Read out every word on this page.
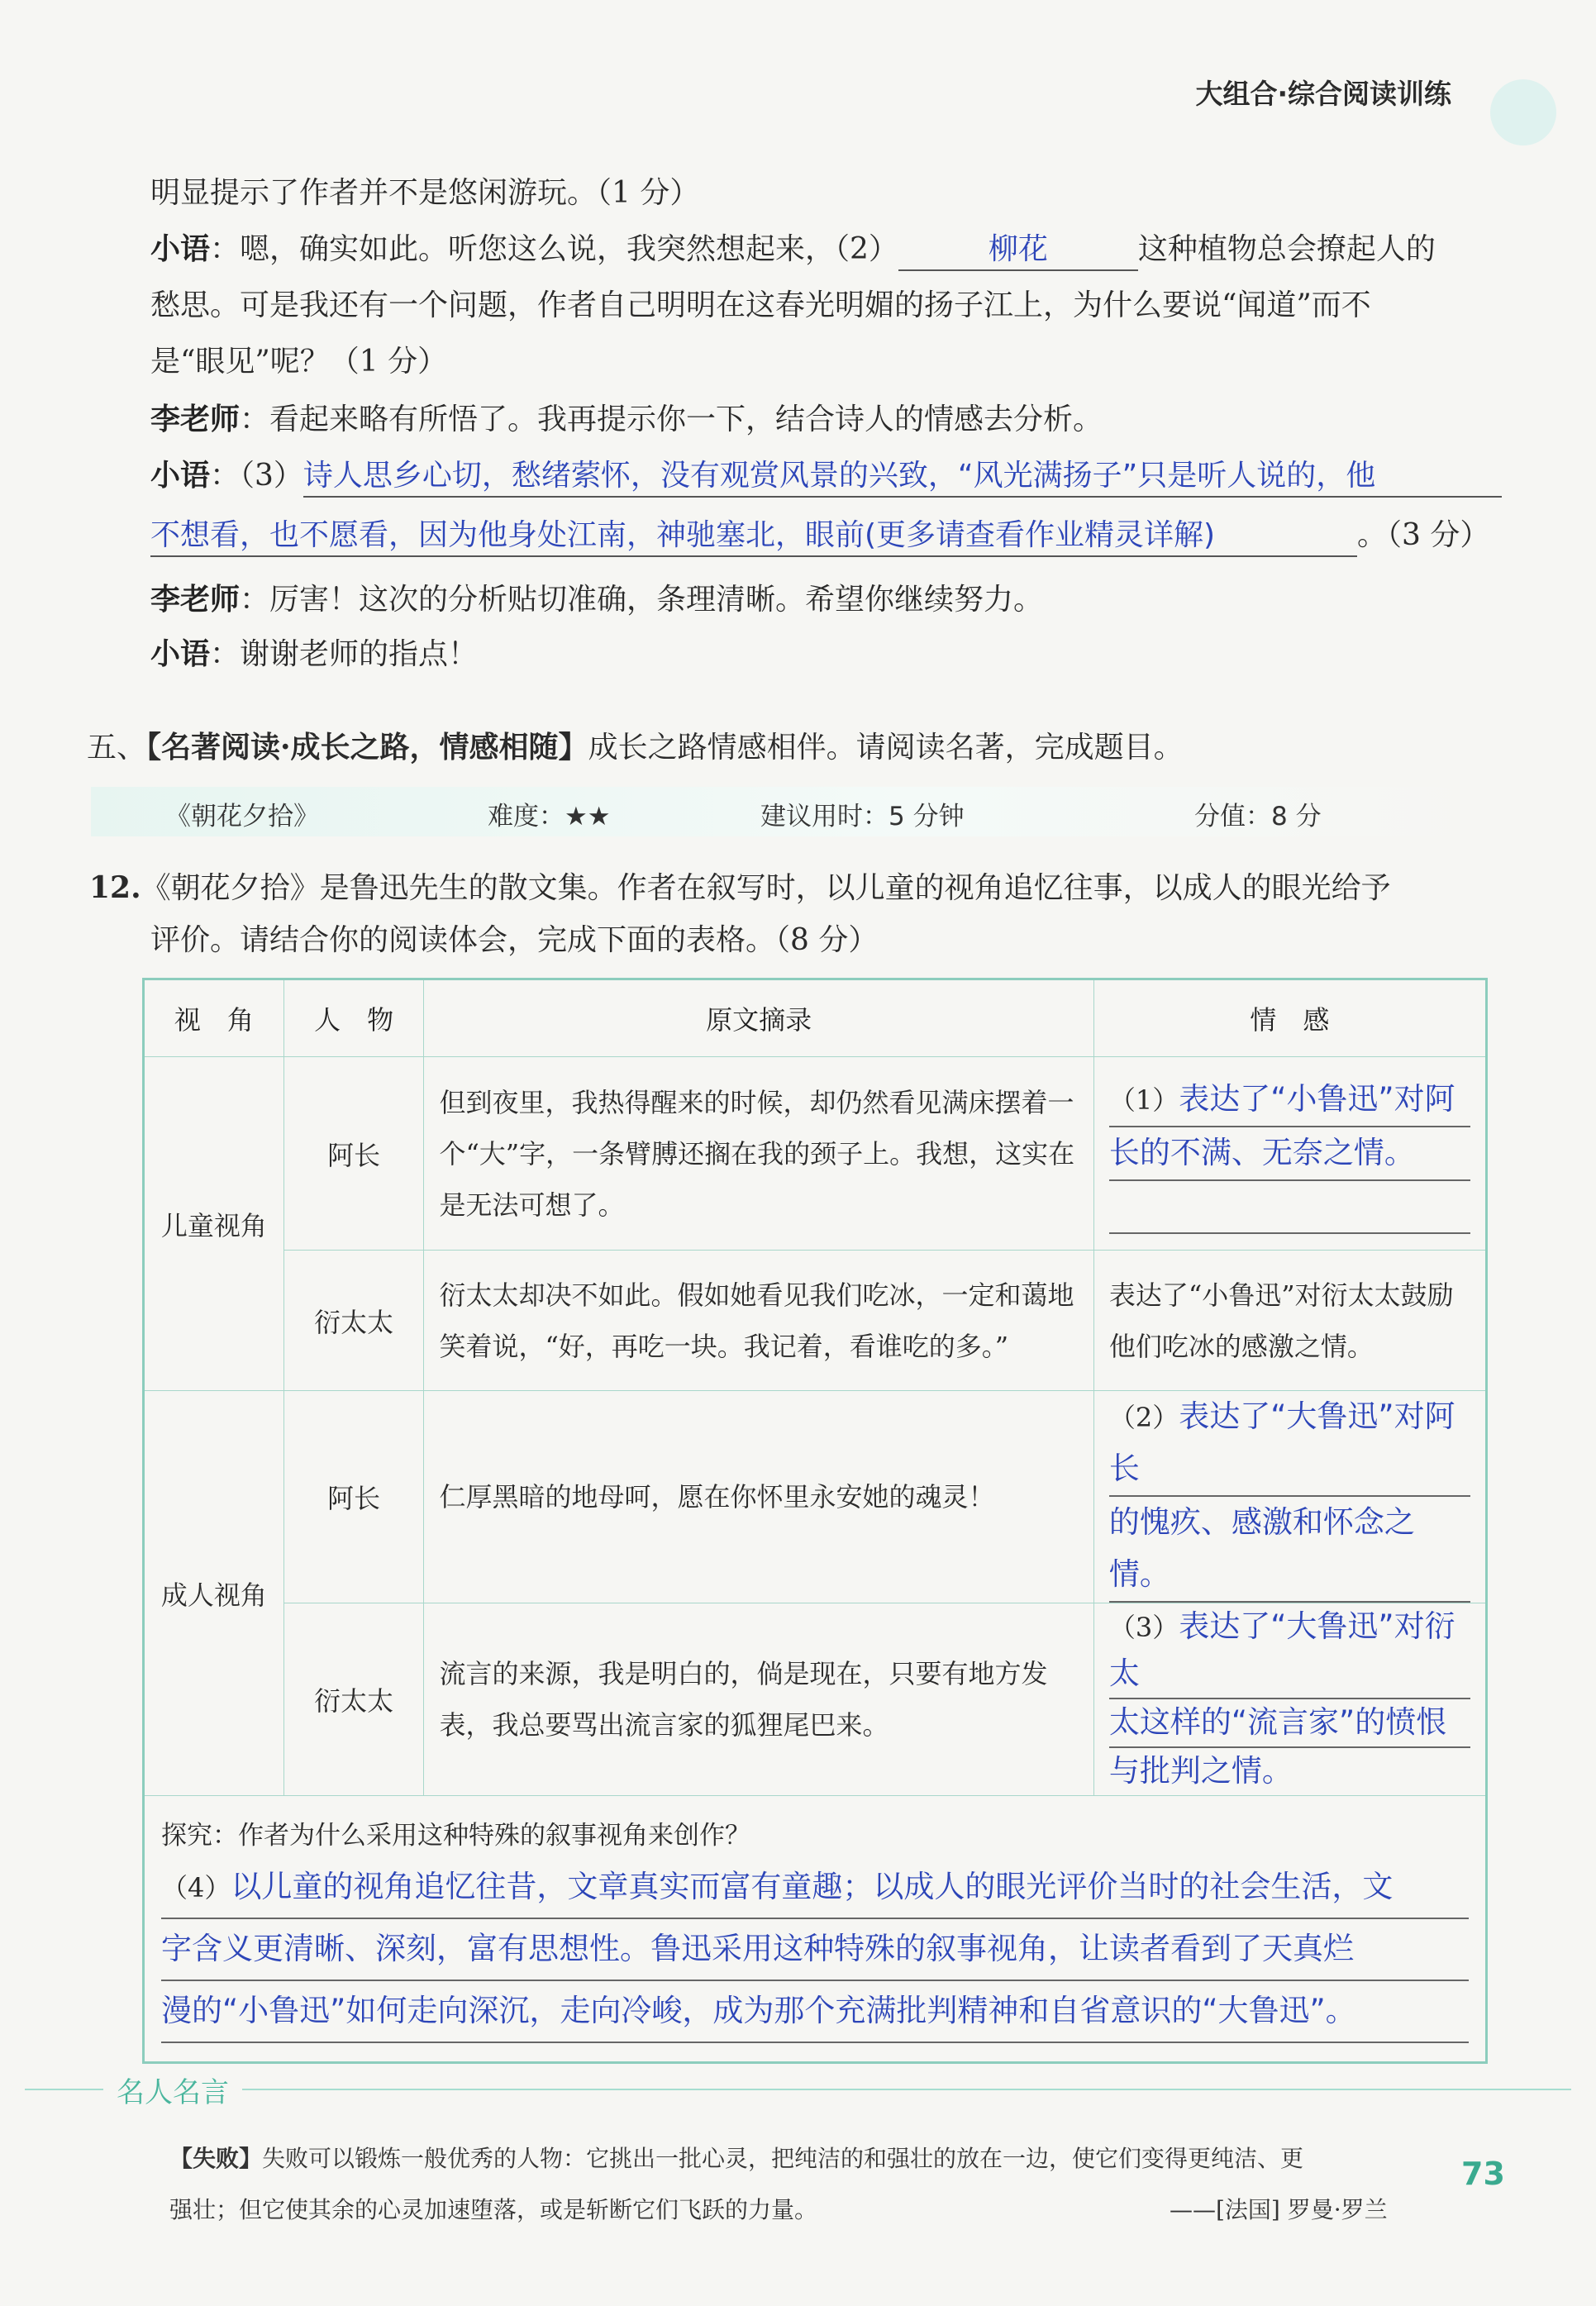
大组合·综合阅读训练
明显提示了作者并不是悠闲游玩。（1 分）
小语：嗯，确实如此。听您这么说，我突然想起来，（2）	柳花	这种植物总会撩起人的
愁思。可是我还有一个问题，作者自己明明在这春光明媚的扬子江上，为什么要说“闻道”而不
是“眼见”呢？（1 分）
李老师：看起来略有所悟了。我再提示你一下，结合诗人的情感去分析。
小语：（3）诗人思乡心切，愁绪萦怀，没有观赏风景的兴致，“风光满扬子”只是听人说的，他
不想看，也不愿看，因为他身处江南，神驰塞北，眼前(更多请查看作业精灵详解)	。（3 分）
李老师：厉害！这次的分析贴切准确，条理清晰。希望你继续努力。
小语：谢谢老师的指点！
五、【名著阅读·成长之路，情感相随】成长之路情感相伴。请阅读名著，完成题目。
《朝花夕拾》	难度：★★	建议用时：5 分钟	分值：8 分
12.《朝花夕拾》是鲁迅先生的散文集。作者在叙写时，以儿童的视角追忆往事，以成人的眼光给予
评价。请结合你的阅读体会，完成下面的表格。（8 分）
视　角	人　物	原文摘录	情　感
儿童视角	阿长	但到夜里，我热得醒来的时候，却仍然看见满床摆着一个“大”字，一条臂膊还搁在我的颈子上。我想，这实在是无法可想了。	（1）表达了“小鲁迅”对阿
长的不满、无奈之情。

	衍太太	衍太太却决不如此。假如她看见我们吃冰，一定和蔼地笑着说，“好，再吃一块。我记着，看谁吃的多。”	表达了“小鲁迅”对衍太太鼓励他们吃冰的感激之情。
成人视角	阿长	仁厚黑暗的地母呵，愿在你怀里永安她的魂灵！	（2）表达了“大鲁迅”对阿长
的愧疚、感激和怀念之情。

	衍太太	流言的来源，我是明白的，倘是现在，只要有地方发表，我总要骂出流言家的狐狸尾巴来。	（3）表达了“大鲁迅”对衍太
太这样的“流言家”的愤恨
与批判之情。

探究：作者为什么采用这种特殊的叙事视角来创作？
（4）以儿童的视角追忆往昔，文章真实而富有童趣；以成人的眼光评价当时的社会生活，文
字含义更清晰、深刻，富有思想性。鲁迅采用这种特殊的叙事视角，让读者看到了天真烂
漫的“小鲁迅”如何走向深沉，走向冷峻，成为那个充满批判精神和自省意识的“大鲁迅”。			
名人名言
【失败】失败可以锻炼一般优秀的人物：它挑出一批心灵，把纯洁的和强壮的放在一边，使它们变得更纯洁、更
强壮；但它使其余的心灵加速堕落，或是斩断它们飞跃的力量。	——[法国] 罗曼·罗兰
73
